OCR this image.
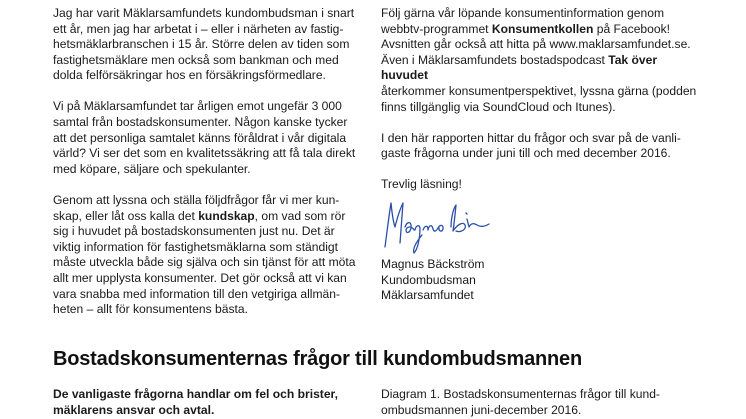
Jag har varit Mäklarsamfundets kundombudsman i snart
ett år, men jag har arbetat i – eller i närheten av fastig-
hetsmäklarbranschen i 15 år. Större delen av tiden som
fastighetsmäklare men också som bankman och med
dolda felförsäkringar hos en försäkringsförmedlare.

Vi på Mäklarsamfundet tar årligen emot ungefär 3 000
samtal från bostadskonsumenter. Någon kanske tycker
att det personliga samtalet känns föråldrat i vår digitala
värld? Vi ser det som en kvalitetssäkring att få tala direkt
med köpare, säljare och spekulanter.

Genom att lyssna och ställa följdfrågor får vi mer kun-
skap, eller låt oss kalla det kundskap, om vad som rör
sig i huvudet på bostadskonsumenten just nu. Det är
viktig information för fastighetsmäklarna som ständigt
måste utveckla både sig själva och sin tjänst för att möta
allt mer upplysta konsumenter. Det gör också att vi kan
vara snabba med information till den vetgiriga allmän-
heten – allt för konsumentens bästa.

Följ gärna vår löpande konsumentinformation genom
webbtv-programmet Konsumentkollen på Facebook!
Avsnitten går också att hitta på www.maklarsamfundet.se.
Även i Mäklarsamfundets bostadspodcast Tak över huvudet
återkommer konsumentperspektivet, lyssna gärna (podden
finns tillgänglig via SoundCloud och Itunes).

I den här rapporten hittar du frågor och svar på de vanli-
gaste frågorna under juni till och med december 2016.

Trevlig läsning!

Magnus Bäckström

Kundombudsman

Mäklarsamfundet

Bostadskonsumenternas frågor till kundombudsmannen
De vanligaste frågorna handlar om fel och brister,
mäklarens ansvar och avtal.
Diagram 1. Bostadskonsumenternas frågor till kund-
ombudsmannen juni-december 2016.
